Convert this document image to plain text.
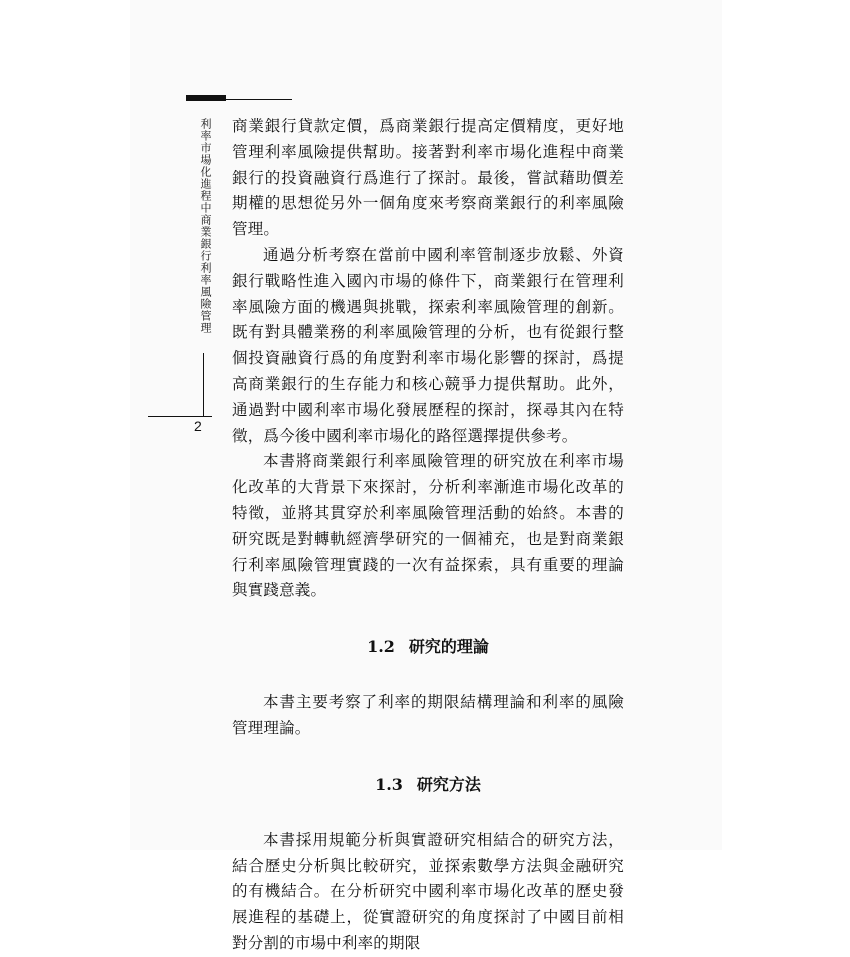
利率市場化進程中商業銀行利率風險管理
2

商業銀行貸款定價，爲商業銀行提高定價精度，更好地管理利率風險提供幫助。接著對利率市場化進程中商業銀行的投資融資行爲進行了探討。最後，嘗試藉助價差期權的思想從另外一個角度來考察商業銀行的利率風險管理。

通過分析考察在當前中國利率管制逐步放鬆、外資銀行戰略性進入國內市場的條件下，商業銀行在管理利率風險方面的機遇與挑戰，探索利率風險管理的創新。既有對具體業務的利率風險管理的分析，也有從銀行整個投資融資行爲的角度對利率市場化影響的探討，爲提高商業銀行的生存能力和核心競爭力提供幫助。此外，通過對中國利率市場化發展歷程的探討，探尋其內在特徵，爲今後中國利率市場化的路徑選擇提供參考。

本書將商業銀行利率風險管理的研究放在利率市場化改革的大背景下來探討，分析利率漸進市場化改革的特徵，並將其貫穿於利率風險管理活動的始終。本書的研究既是對轉軌經濟學研究的一個補充，也是對商業銀行利率風險管理實踐的一次有益探索，具有重要的理論與實踐意義。

1.2 研究的理論

本書主要考察了利率的期限結構理論和利率的風險管理理論。

1.3 研究方法

本書採用規範分析與實證研究相結合的研究方法，結合歷史分析與比較研究，並探索數學方法與金融研究的有機結合。在分析研究中國利率市場化改革的歷史發展進程的基礎上，從實證研究的角度探討了中國目前相對分割的市場中利率的期限
